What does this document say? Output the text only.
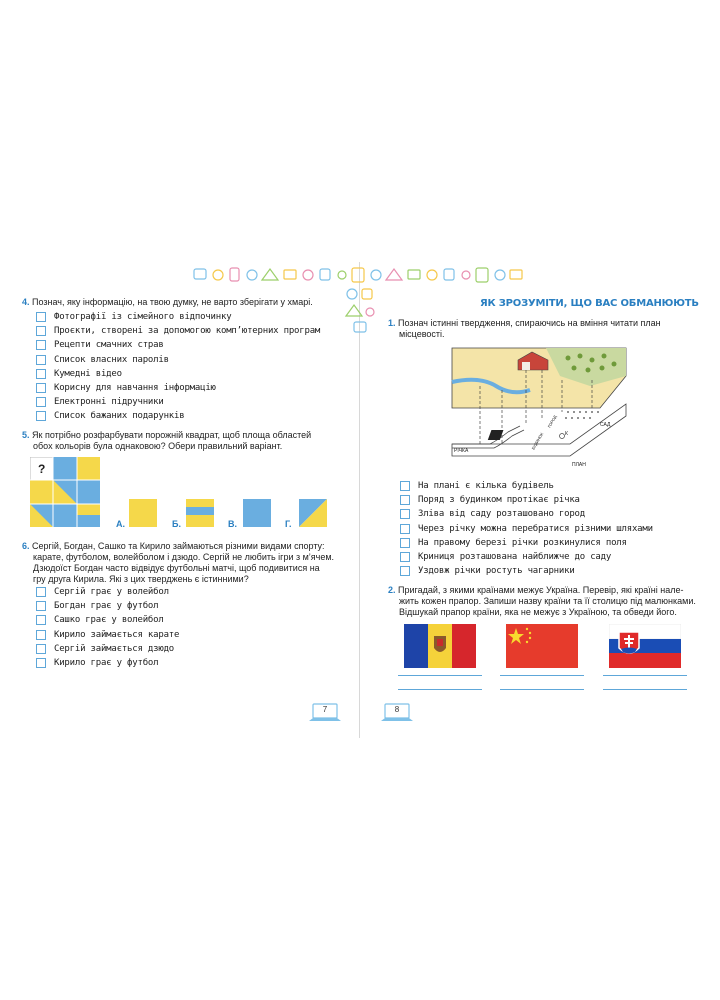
4. Познач, яку інформацію, на твою думку, не варто зберігати у хмарі.
Фотографії із сімейного відпочинку
Проєкти, створені за допомогою комп’ютерних програм
Рецепти смачних страв
Список власних паролів
Кумедні відео
Корисну для навчання інформацію
Електронні підручники
Список бажаних подарунків
5. Як потрібно розфарбувати порожній квадрат, щоб площа областей
обох кольорів була однаковою? Обери правильний варіант.
?
А.	Б.	В.	Г.
6. Сергій, Богдан, Сашко та Кирило займаються різними видами спорту:
карате, футболом, волейболом і дзюдо. Сергій не любить ігри з м’ячем.
Дзюдоїст Богдан часто відвідує футбольні матчі, щоб подивитися на
гру друга Кирила. Які з цих тверджень є істинними?
Сергій грає у волейбол
Богдан грає у футбол
Сашко грає у волейбол
Кирило займається карате
Сергій займається дзюдо
Кирило грає у футбол
7
ЯК ЗРОЗУМІТИ, ЩО ВАС ОБМАНЮЮТЬ
1. Познач істинні твердження, спираючись на вміння читати план
місцевості.
РІЧКА
ПЛАН
САД
БУДИНОК
ГОРОД
К
На плані є кілька будівель
Поряд з будинком протікає річка
Зліва від саду розташовано город
Через річку можна перебратися різними шляхами
На правому березі річки розкинулися поля
Криниця розташована найближче до саду
Уздовж річки ростуть чагарники
2. Пригадай, з якими країнами межує Україна. Перевір, які країні нале-
жить кожен прапор. Запиши назву країни та її столицю під малюнками.
Відшукай прапор країни, яка не межує з Україною, та обведи його.
8
